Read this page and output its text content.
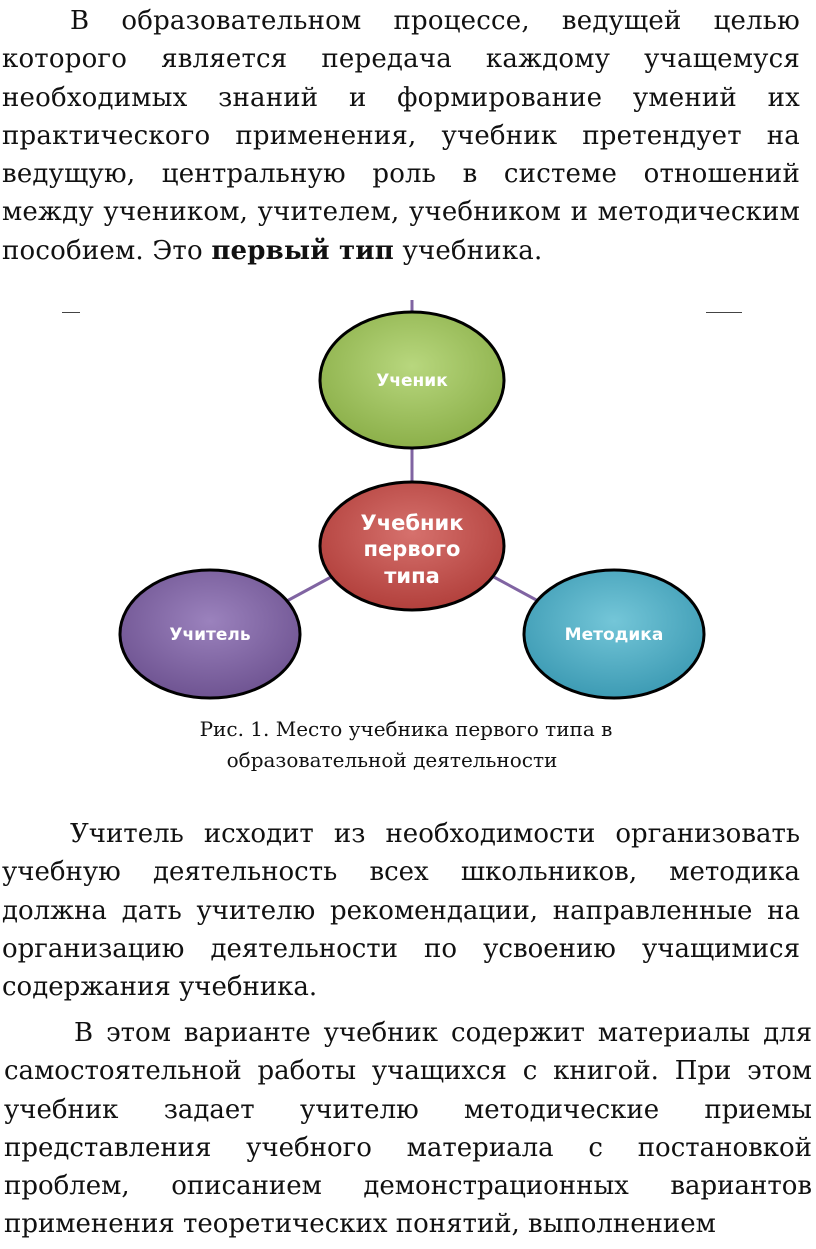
В образовательном процессе, ведущей целью которого является передача каждому учащемуся необходимых знаний и формирование умений их практического применения, учебник претендует на ведущую, центральную роль в системе отношений между учеником, учителем, учебником и методическим пособием. Это первый тип учебника.

Ученик
Учебник
первого
типа
Учитель	Методика
Рис. 1. Место учебника первого типа в
образовательной деятельности

Учитель исходит из необходимости организовать учебную деятельность всех школьников, методика должна дать учителю рекомендации, направленные на организацию деятельности по усвоению учащимися содержания учебника.

В этом варианте учебник содержит материалы для самостоятельной работы учащихся с книгой. При этом учебник задает учителю методические приемы представления учебного материала с постановкой проблем, описанием демонстрационных вариантов применения теоретических понятий, выполнением
